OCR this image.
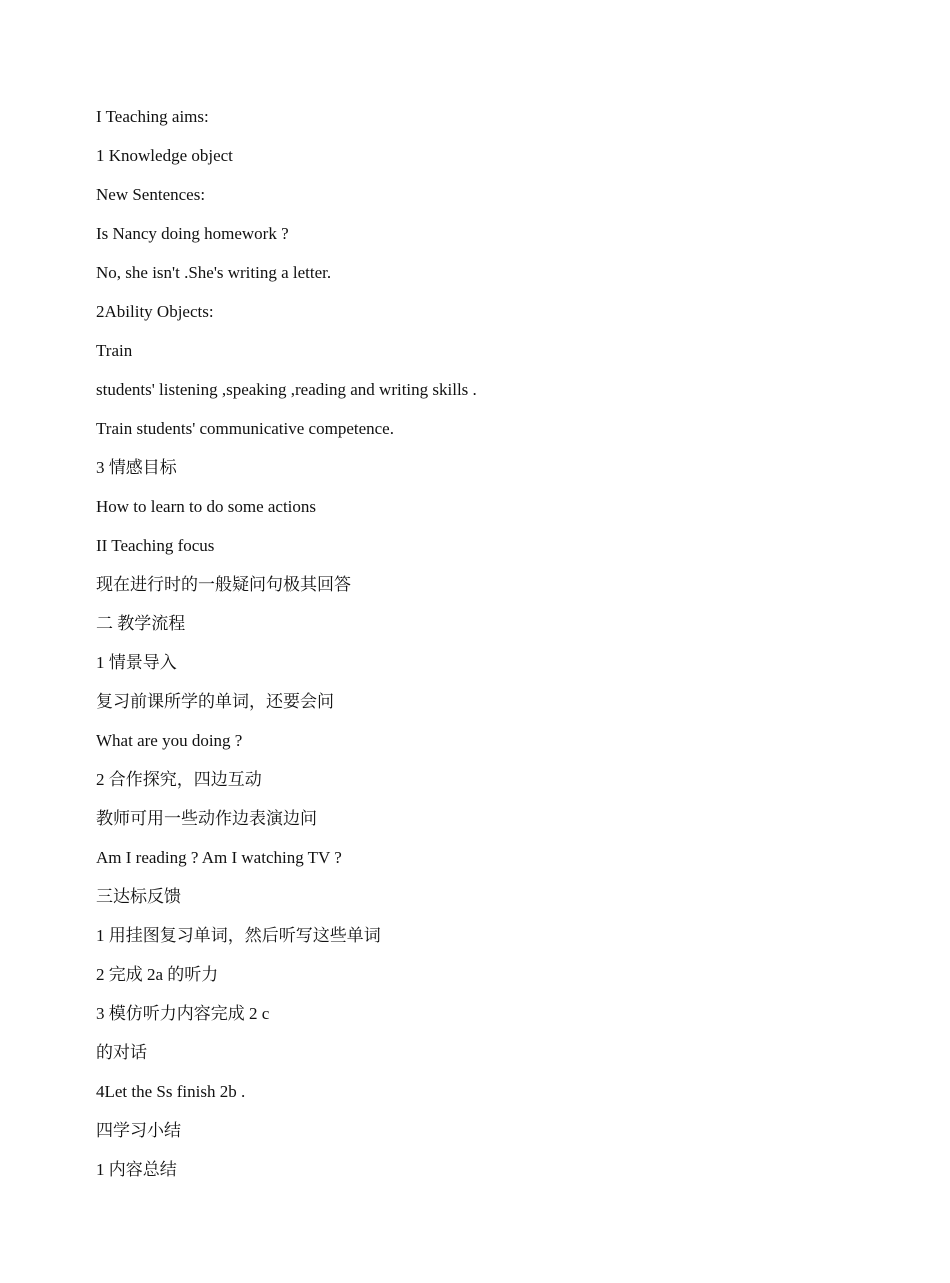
I Teaching aims:
1 Knowledge object
New Sentences:
Is Nancy doing homework ?
No, she isn't .She's writing a letter.
2Ability Objects:
Train
students' listening ,speaking ,reading and writing skills .
Train students' communicative competence.
3 情感目标
How to learn to do some actions
II Teaching focus
现在进行时的一般疑问句极其回答
二 教学流程
1 情景导入
复习前课所学的单词，还要会问
What are you doing ?
2 合作探究，四边互动
教师可用一些动作边表演边问
Am I reading ? Am I watching TV ?
三达标反馈
1 用挂图复习单词，然后听写这些单词
2 完成 2a 的听力
3 模仿听力内容完成 2 c
的对话
4Let the Ss finish 2b .
四学习小结
1 内容总结
